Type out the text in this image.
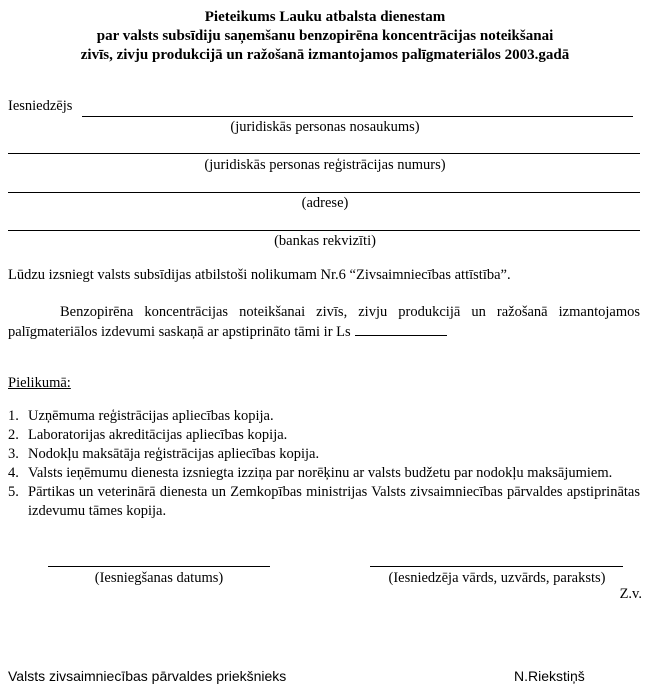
Pieteikums Lauku atbalsta dienestam
par valsts subsīdiju saņemšanu benzopirēna koncentrācijas noteikšanai
zivīs, zivju produkcijā un ražošanā izmantojamos palīgmateriālos 2003.gadā
Iesniedzējs
(juridiskās personas nosaukums)
(juridiskās personas reģistrācijas numurs)
(adrese)
(bankas rekvizīti)
Lūdzu izsniegt valsts subsīdijas atbilstoši nolikumam Nr.6 “Zivsaimniecības attīstība”.
Benzopirēna koncentrācijas noteikšanai zivīs, zivju produkcijā un ražošanā izmantojamos palīgmateriālos izdevumi saskaņā ar apstiprināto tāmi ir Ls
Pielikumā:
1. Uzņēmuma reģistrācijas apliecības kopija.
2. Laboratorijas akreditācijas apliecības kopija.
3. Nodokļu maksātāja reģistrācijas apliecības kopija.
4. Valsts ieņēmumu dienesta izsniegta izziņa par norēķinu ar valsts budžetu par nodokļu maksājumiem.
5. Pārtikas un veterinārā dienesta un Zemkopības ministrijas Valsts zivsaimniecības pārvaldes apstiprinātas izdevumu tāmes kopija.
(Iesniegšanas datums)	(Iesniedzēja vārds, uzvārds, paraksts)
Z.v.
Valsts zivsaimniecības pārvaldes priekšnieks	N.Riekstiņš
